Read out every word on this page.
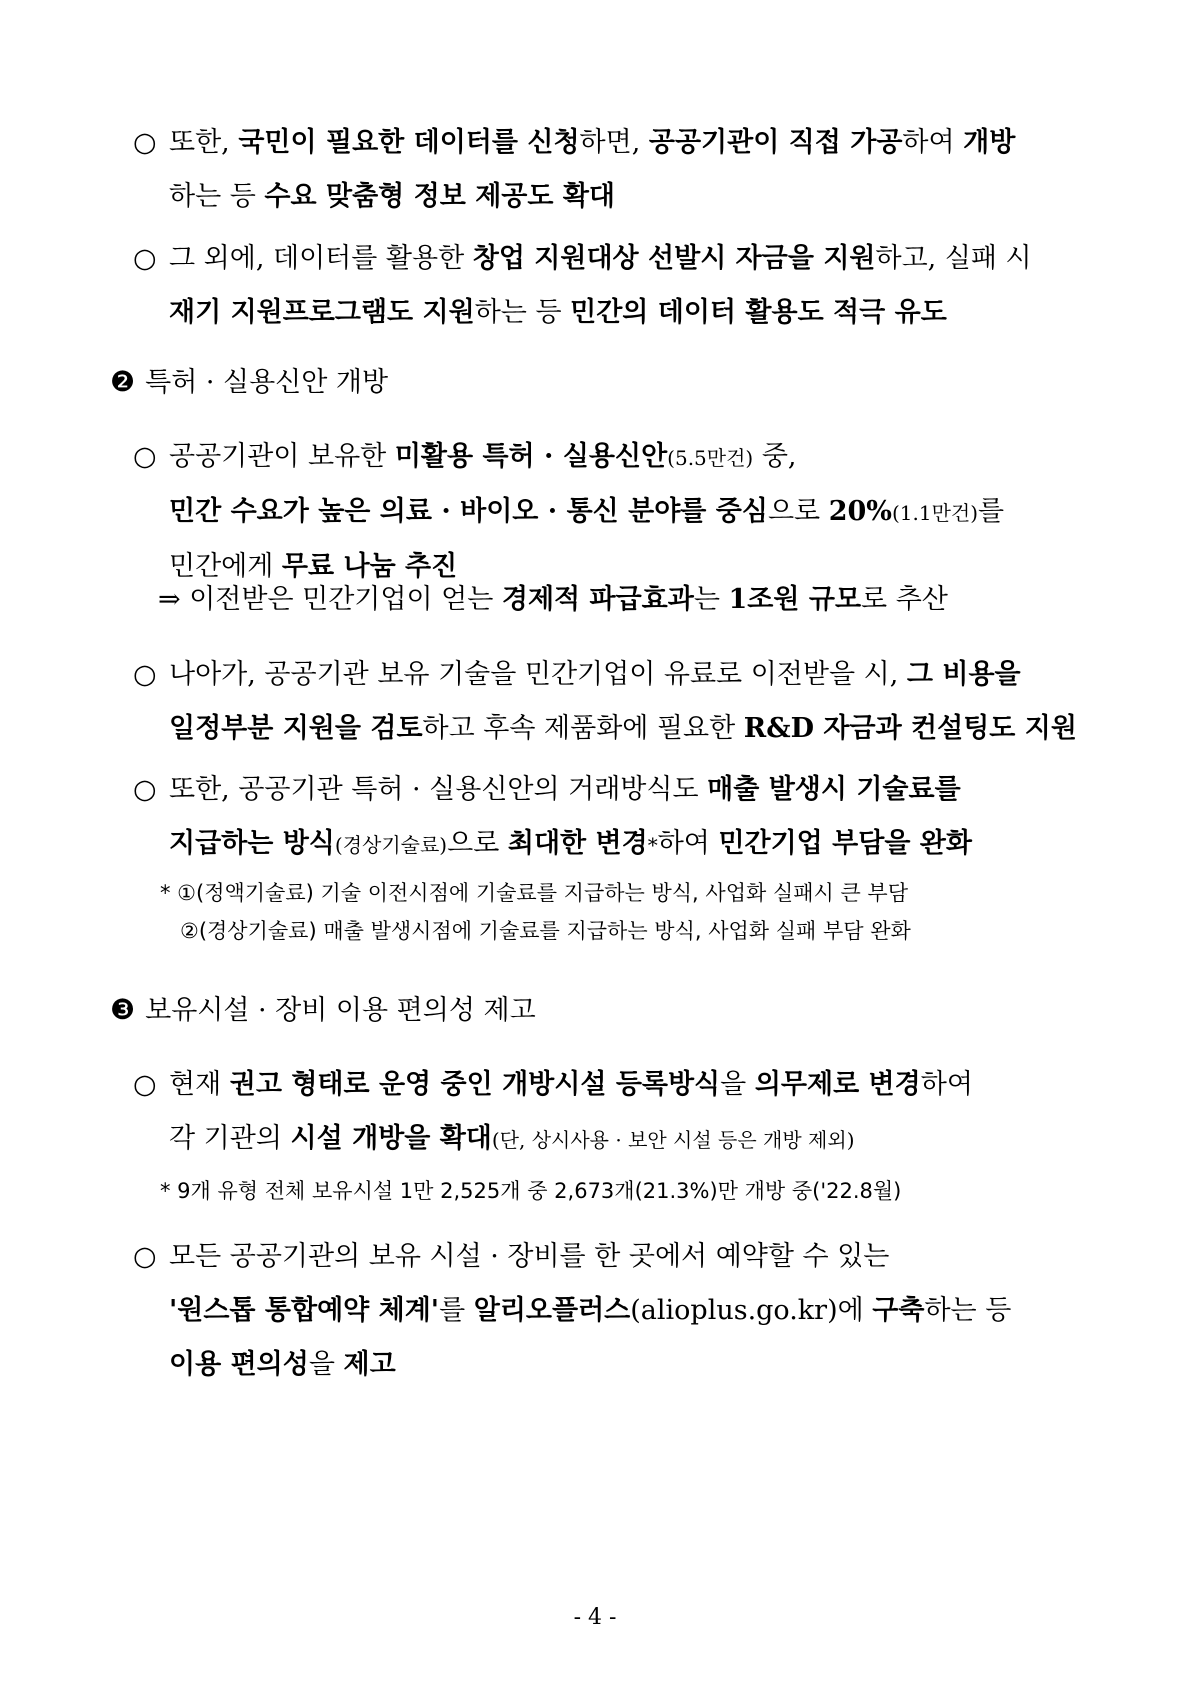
○ 또한, 국민이 필요한 데이터를 신청하면, 공공기관이 직접 가공하여 개방
하는 등 수요 맞춤형 정보 제공도 확대
○ 그 외에, 데이터를 활용한 창업 지원대상 선발시 자금을 지원하고, 실패 시
재기 지원프로그램도 지원하는 등 민간의 데이터 활용도 적극 유도
❷ 특허 · 실용신안 개방
○ 공공기관이 보유한 미활용 특허 · 실용신안(5.5만건) 중,
민간 수요가 높은 의료 · 바이오 · 통신 분야를 중심으로 20%(1.1만건)를
민간에게 무료 나눔 추진
⇒ 이전받은 민간기업이 얻는 경제적 파급효과는 1조원 규모로 추산
○ 나아가, 공공기관 보유 기술을 민간기업이 유료로 이전받을 시, 그 비용을
일정부분 지원을 검토하고 후속 제품화에 필요한 R&D 자금과 컨설팅도 지원
○ 또한, 공공기관 특허 · 실용신안의 거래방식도 매출 발생시 기술료를
지급하는 방식(경상기술료)으로 최대한 변경*하여 민간기업 부담을 완화
* ①(정액기술료) 기술 이전시점에 기술료를 지급하는 방식, 사업화 실패시 큰 부담
②(경상기술료) 매출 발생시점에 기술료를 지급하는 방식, 사업화 실패 부담 완화
❸ 보유시설 · 장비 이용 편의성 제고
○ 현재 권고 형태로 운영 중인 개방시설 등록방식을 의무제로 변경하여
각 기관의 시설 개방을 확대(단, 상시사용 · 보안 시설 등은 개방 제외)
* 9개 유형 전체 보유시설 1만 2,525개 중 2,673개(21.3%)만 개방 중('22.8월)
○ 모든 공공기관의 보유 시설 · 장비를 한 곳에서 예약할 수 있는
'원스톱 통합예약 체계'를 알리오플러스(alioplus.go.kr)에 구축하는 등
이용 편의성을 제고
- 4 -
